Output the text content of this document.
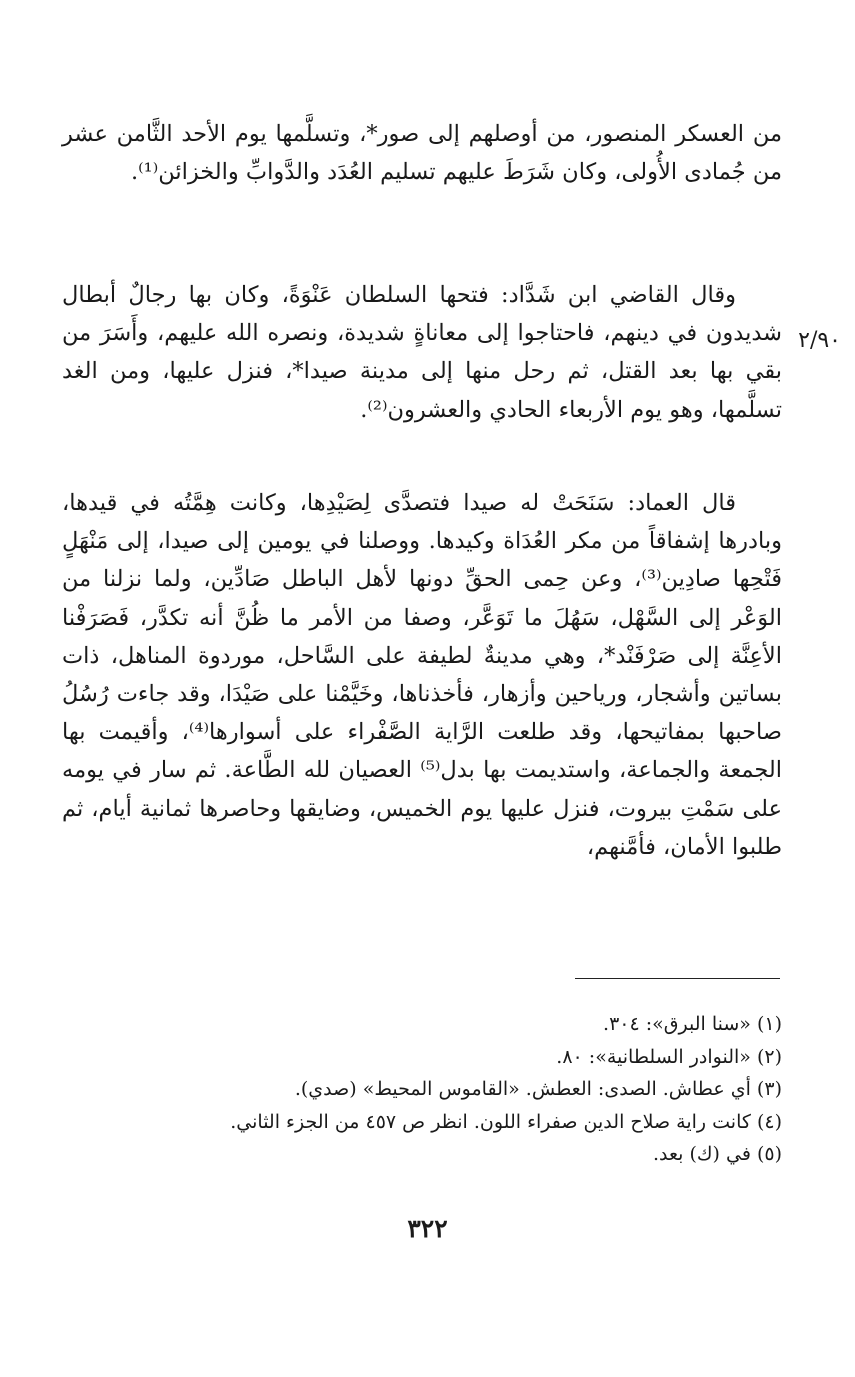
من العسكر المنصور، من أوصلهم إلى صور*، وتسلَّمها يوم الأحد الثَّامن عشر من جُمادى الأُولى، وكان شَرَطَ عليهم تسليم العُدَد والدَّوابِّ والخزائن⁽¹⁾.

وقال القاضي ابن شَدَّاد: فتحها السلطان عَنْوَةً، وكان بها رجالٌ أبطال شديدون في دينهم، فاحتاجوا إلى معاناةٍ شديدة، ونصره الله عليهم، وأَسَرَ من بقي بها بعد القتل، ثم رحل منها إلى مدينة صيدا*، فنزل عليها، ومن الغد تسلَّمها، وهو يوم الأربعاء الحادي والعشرون⁽²⁾.

٢/٩٠

قال العماد: سَنَحَتْ له صيدا فتصدَّى لِصَيْدِها، وكانت هِمَّتُه في قيدها، وبادرها إشفاقاً من مكر العُدَاة وكيدها. ووصلنا في يومين إلى صيدا، إلى مَنْهَلٍ فَتْحِها صادِين⁽³⁾، وعن حِمى الحقِّ دونها لأهل الباطل صَادِّين، ولما نزلنا من الوَعْر إلى السَّهْل، سَهُلَ ما تَوَعَّر، وصفا من الأمر ما ظُنَّ أنه تكدَّر، فَصَرَفْنا الأعِنَّة إلى صَرْفَنْد*، وهي مدينةٌ لطيفة على السَّاحل، موردوة المناهل، ذات بساتين وأشجار، ورياحين وأزهار، فأخذناها، وخَيَّمْنا على صَيْدَا، وقد جاءت رُسُلُ صاحبها بمفاتيحها، وقد طلعت الرَّاية الصَّفْراء على أسوارها⁽⁴⁾، وأقيمت بها الجمعة والجماعة، واستديمت بها بدل⁽⁵⁾ العصيان لله الطَّاعة. ثم سار في يومه على سَمْتِ بيروت، فنزل عليها يوم الخميس، وضايقها وحاصرها ثمانية أيام، ثم طلبوا الأمان، فأمَّنهم،

(١) «سنا البرق»: ٣٠٤.

(٢) «النوادر السلطانية»: ٨٠.

(٣) أي عطاش. الصدى: العطش. «القاموس المحيط» (صدي).

(٤) كانت راية صلاح الدين صفراء اللون. انظر ص ٤٥٧ من الجزء الثاني.

(٥) في (ك) بعد.

٣٢٢
